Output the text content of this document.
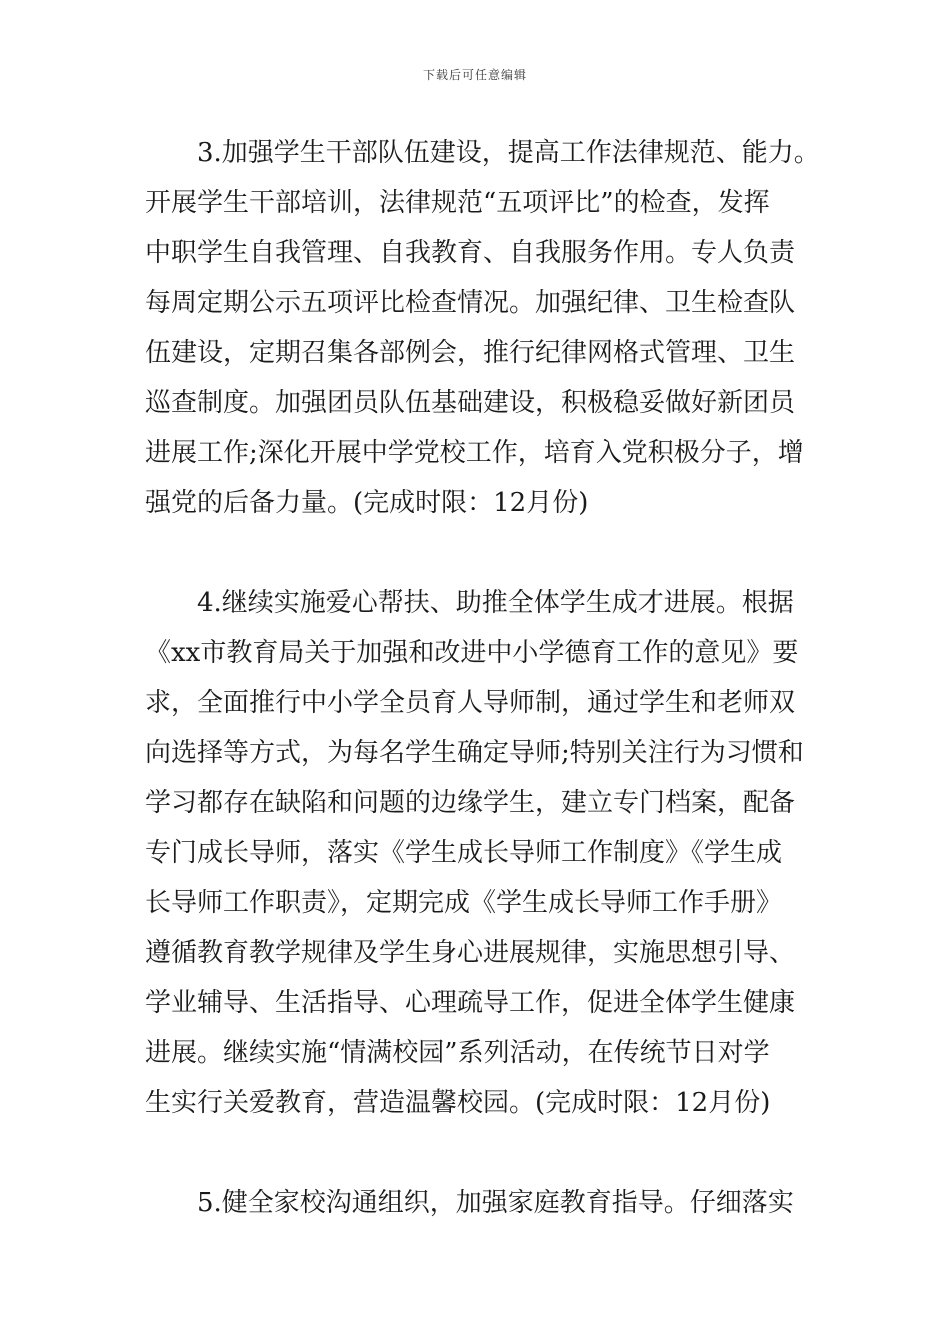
下载后可任意编辑
3.加强学生干部队伍建设，提高工作法律规范、能力。
开展学生干部培训，法律规范“五项评比”的检查，发挥
中职学生自我管理、自我教育、自我服务作用。专人负责
每周定期公示五项评比检查情况。加强纪律、卫生检查队
伍建设，定期召集各部例会，推行纪律网格式管理、卫生
巡查制度。加强团员队伍基础建设，积极稳妥做好新团员
进展工作;深化开展中学党校工作，培育入党积极分子，增
强党的后备力量。(完成时限：12月份)
4.继续实施爱心帮扶、助推全体学生成才进展。根据
《xx市教育局关于加强和改进中小学德育工作的意见》要
求，全面推行中小学全员育人导师制，通过学生和老师双
向选择等方式，为每名学生确定导师;特别关注行为习惯和
学习都存在缺陷和问题的边缘学生，建立专门档案，配备
专门成长导师，落实《学生成长导师工作制度》《学生成
长导师工作职责》，定期完成《学生成长导师工作手册》
遵循教育教学规律及学生身心进展规律，实施思想引导、
学业辅导、生活指导、心理疏导工作，促进全体学生健康
进展。继续实施“情满校园”系列活动，在传统节日对学
生实行关爱教育，营造温馨校园。(完成时限：12月份)
5.健全家校沟通组织，加强家庭教育指导。仔细落实
